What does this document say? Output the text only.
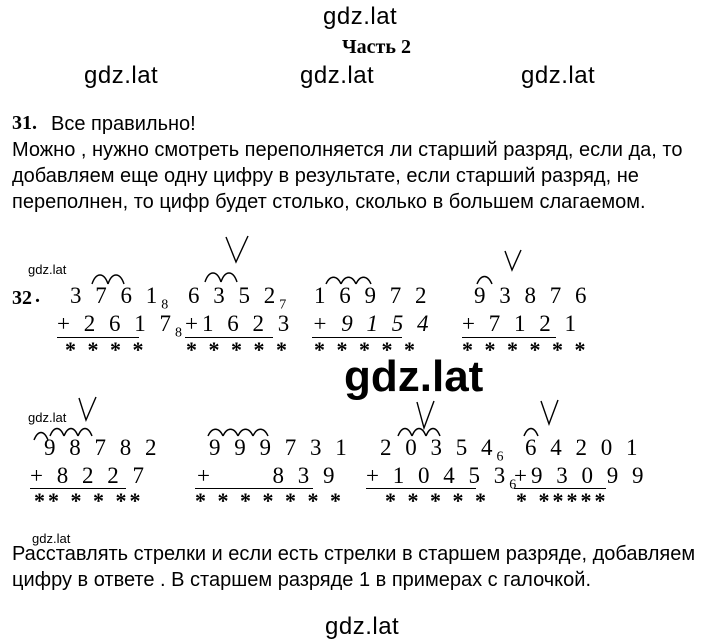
gdz.lat
gdz.lat	gdz.lat	gdz.lat
gdz.lat
gdz.lat
gdz.lat
gdz.lat
gdz.lat
Часть 2
31. Все правильно!
Можно , нужно смотреть переполняется ли старший разряд, если да, то
добавляем еще одну цифру в результате, если старший разряд, не
переполнен, то цифр будет столько, сколько в большем слагаемом.
32 . 3 7 6 $1_8$
+ 2 6 1 $7_8$
* * * *
6 3 5 $2_7$
+1 6 2 3
* * * * *
1 6 9 7 2
+ 9 1 5 4
* * * * *
9 3 8 7 6
+ 7 1 2 1
* * * * * *
9 8 7 8 2
+ 8 2 2 7
** * * **
9 9 9 7 3 1
+      8 3 9
* * * * * * *
2 0 3 5 $4_6$
+ 1 0 4 5 $3_6$
* * * * *
6 4 2 0 1
+9 3 0 9 9
* *****
Расставлять стрелки и если есть стрелки в старшем разряде, добавляем
цифру в ответе . В старшем разряде 1 в примерах с галочкой.
